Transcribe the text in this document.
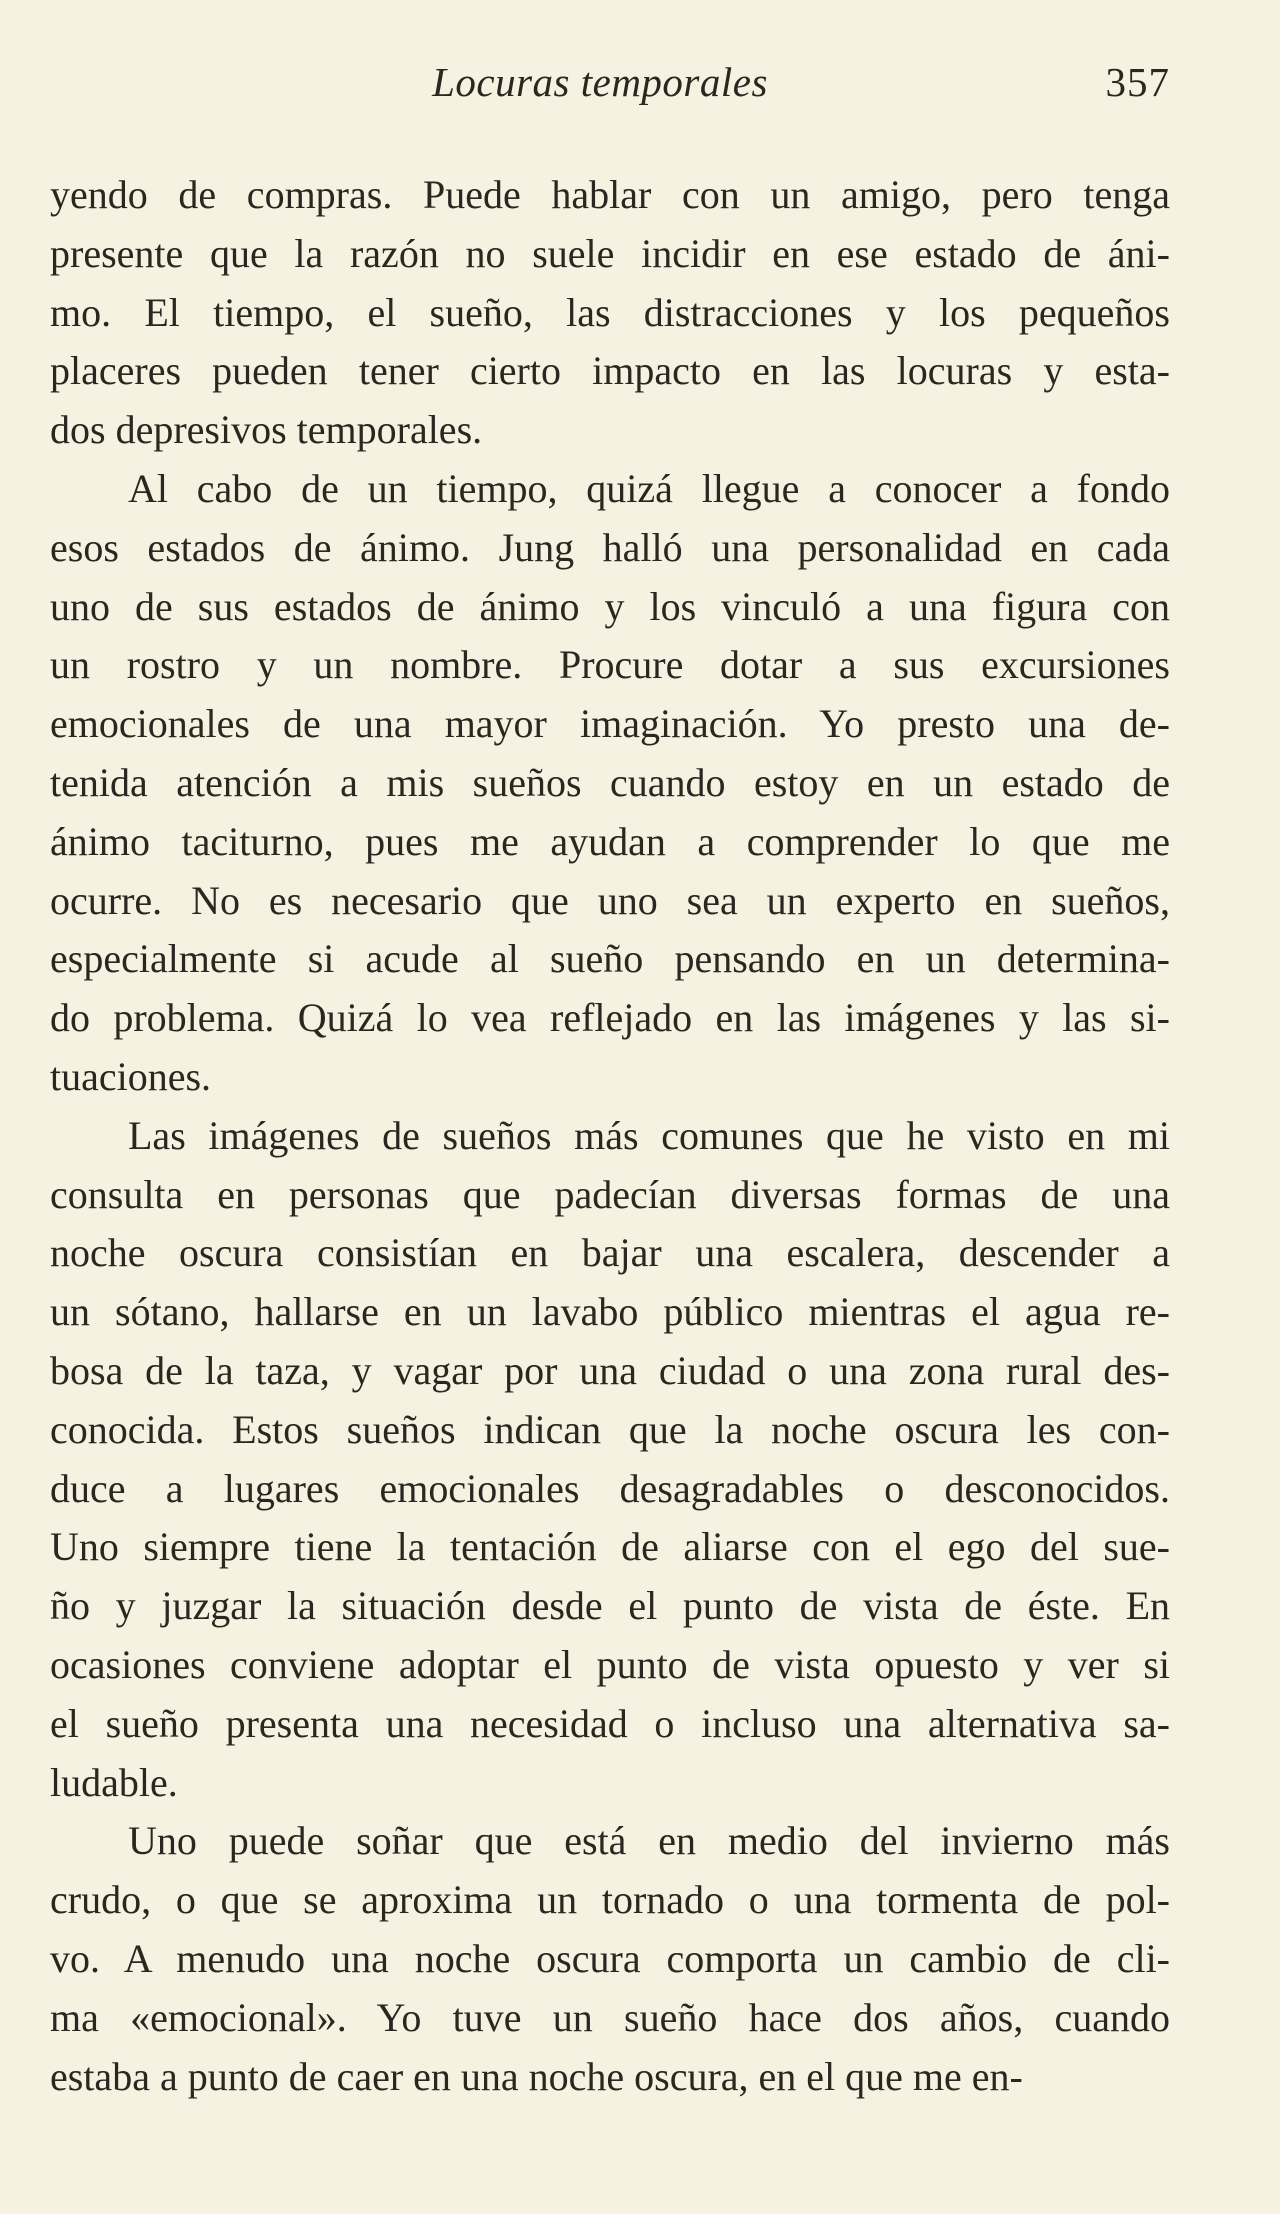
Locuras temporales	357
yendo de compras. Puede hablar con un amigo, pero tenga
presente que la razón no suele incidir en ese estado de áni-
mo. El tiempo, el sueño, las distracciones y los pequeños
placeres pueden tener cierto impacto en las locuras y esta-
dos depresivos temporales.
Al cabo de un tiempo, quizá llegue a conocer a fondo
esos estados de ánimo. Jung halló una personalidad en cada
uno de sus estados de ánimo y los vinculó a una figura con
un rostro y un nombre. Procure dotar a sus excursiones
emocionales de una mayor imaginación. Yo presto una de-
tenida atención a mis sueños cuando estoy en un estado de
ánimo taciturno, pues me ayudan a comprender lo que me
ocurre. No es necesario que uno sea un experto en sueños,
especialmente si acude al sueño pensando en un determina-
do problema. Quizá lo vea reflejado en las imágenes y las si-
tuaciones.
Las imágenes de sueños más comunes que he visto en mi
consulta en personas que padecían diversas formas de una
noche oscura consistían en bajar una escalera, descender a
un sótano, hallarse en un lavabo público mientras el agua re-
bosa de la taza, y vagar por una ciudad o una zona rural des-
conocida. Estos sueños indican que la noche oscura les con-
duce a lugares emocionales desagradables o desconocidos.
Uno siempre tiene la tentación de aliarse con el ego del sue-
ño y juzgar la situación desde el punto de vista de éste. En
ocasiones conviene adoptar el punto de vista opuesto y ver si
el sueño presenta una necesidad o incluso una alternativa sa-
ludable.
Uno puede soñar que está en medio del invierno más
crudo, o que se aproxima un tornado o una tormenta de pol-
vo. A menudo una noche oscura comporta un cambio de cli-
ma «emocional». Yo tuve un sueño hace dos años, cuando
estaba a punto de caer en una noche oscura, en el que me en-
